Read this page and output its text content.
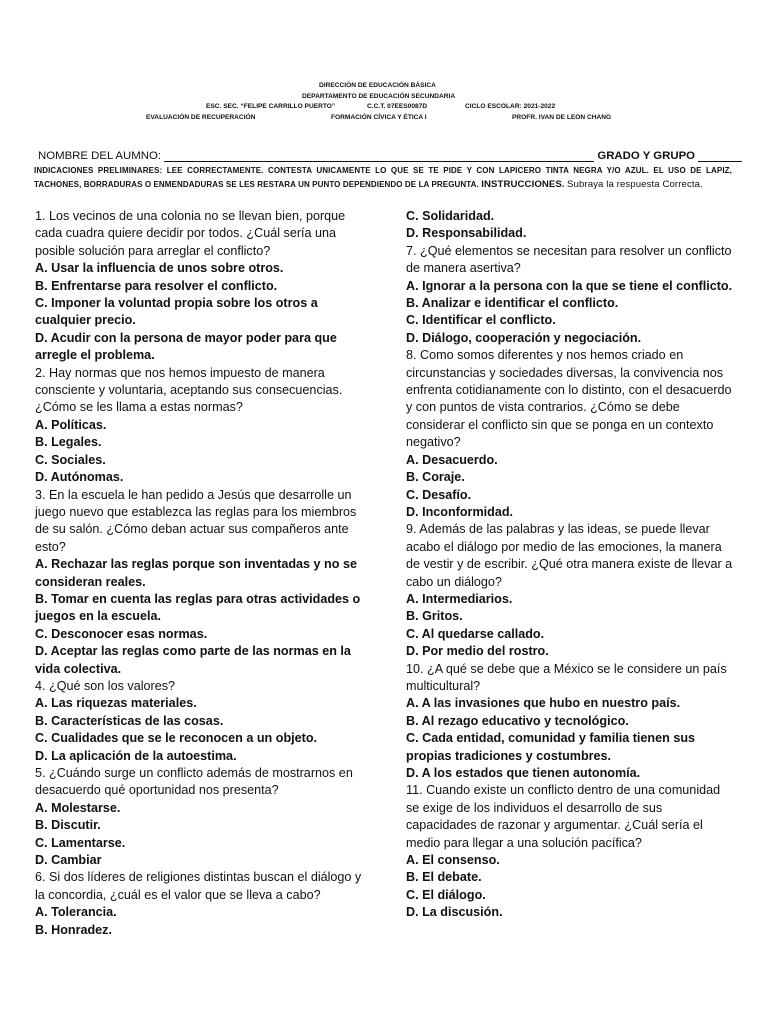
DIRECCIÓN DE EDUCACIÓN BÁSICA
DEPARTAMENTO DE EDUCACIÓN SECUNDARIA
ESC. SEC. “FELIPE CARRILLO PUERTO”	C.C.T. 07EES0087D	CICLO ESCOLAR: 2021-2022
EVALUACIÓN DE RECUPERACIÓN	FORMACIÓN CÍVICA Y ÉTICA I	PROFR. IVAN DE LEON CHANG
NOMBRE DEL AUMNO:	GRADO Y GRUPO
INDICACIONES PRELIMINARES: LEE CORRECTAMENTE. CONTESTA UNICAMENTE LO QUE SE TE PIDE Y CON LAPICERO TINTA NEGRA Y/O AZUL. EL USO DE LAPIZ, TACHONES, BORRADURAS O ENMENDADURAS SE LES RESTARA UN PUNTO DEPENDIENDO DE LA PREGUNTA. INSTRUCCIONES. Subraya la respuesta Correcta.

1. Los vecinos de una colonia no se llevan bien, porque cada cuadra quiere decidir por todos. ¿Cuál sería una posible solución para arreglar el conflicto?

A. Usar la influencia de unos sobre otros.

B. Enfrentarse para resolver el conflicto.

C. Imponer la voluntad propia sobre los otros a cualquier precio.

D. Acudir con la persona de mayor poder para que arregle el problema.

2. Hay normas que nos hemos impuesto de manera consciente y voluntaria, aceptando sus consecuencias. ¿Cómo se les llama a estas normas?

A. Políticas.

B. Legales.

C. Sociales.

D. Autónomas.

3. En la escuela le han pedido a Jesús que desarrolle un juego nuevo que establezca las reglas para los miembros de su salón. ¿Cómo deban actuar sus compañeros ante esto?

A. Rechazar las reglas porque son inventadas y no se consideran reales.

B. Tomar en cuenta las reglas para otras actividades o juegos en la escuela.

C. Desconocer esas normas.

D. Aceptar las reglas como parte de las normas en la vida colectiva.

4. ¿Qué son los valores?

A. Las riquezas materiales.

B. Características de las cosas.

C. Cualidades que se le reconocen a un objeto.

D. La aplicación de la autoestima.

5. ¿Cuándo surge un conflicto además de mostrarnos en desacuerdo qué oportunidad nos presenta?

A. Molestarse.

B. Discutir.

C. Lamentarse.

D. Cambiar

6. Si dos líderes de religiones distintas buscan el diálogo y la concordia, ¿cuál es el valor que se lleva a cabo?

A. Tolerancia.

B. Honradez.

C. Solidaridad.

D. Responsabilidad.

7. ¿Qué elementos se necesitan para resolver un conflicto de manera asertiva?

A. Ignorar a la persona con la que se tiene el conflicto.

B. Analizar e identificar el conflicto.

C. Identificar el conflicto.

D. Diálogo, cooperación y negociación.

8. Como somos diferentes y nos hemos criado en circunstancias y sociedades diversas, la convivencia nos enfrenta cotidianamente con lo distinto, con el desacuerdo y con puntos de vista contrarios. ¿Cómo se debe considerar el conflicto sin que se ponga en un contexto negativo?

A. Desacuerdo.

B. Coraje.

C. Desafío.

D. Inconformidad.

9. Además de las palabras y las ideas, se puede llevar acabo el diálogo por medio de las emociones, la manera de vestir y de escribir. ¿Qué otra manera existe de llevar a cabo un diálogo?

A. Intermediarios.

B. Gritos.

C. Al quedarse callado.

D. Por medio del rostro.

10. ¿A qué se debe que a México se le considere un país multicultural?

A. A las invasiones que hubo en nuestro país.

B. Al rezago educativo y tecnológico.

C. Cada entidad, comunidad y familia tienen sus propias tradiciones y costumbres.

D. A los estados que tienen autonomía.

11. Cuando existe un conflicto dentro de una comunidad se exige de los individuos el desarrollo de sus capacidades de razonar y argumentar. ¿Cuál sería el medio para llegar a una solución pacífica?

A. El consenso.

B. El debate.

C. El diálogo.

D. La discusión.
